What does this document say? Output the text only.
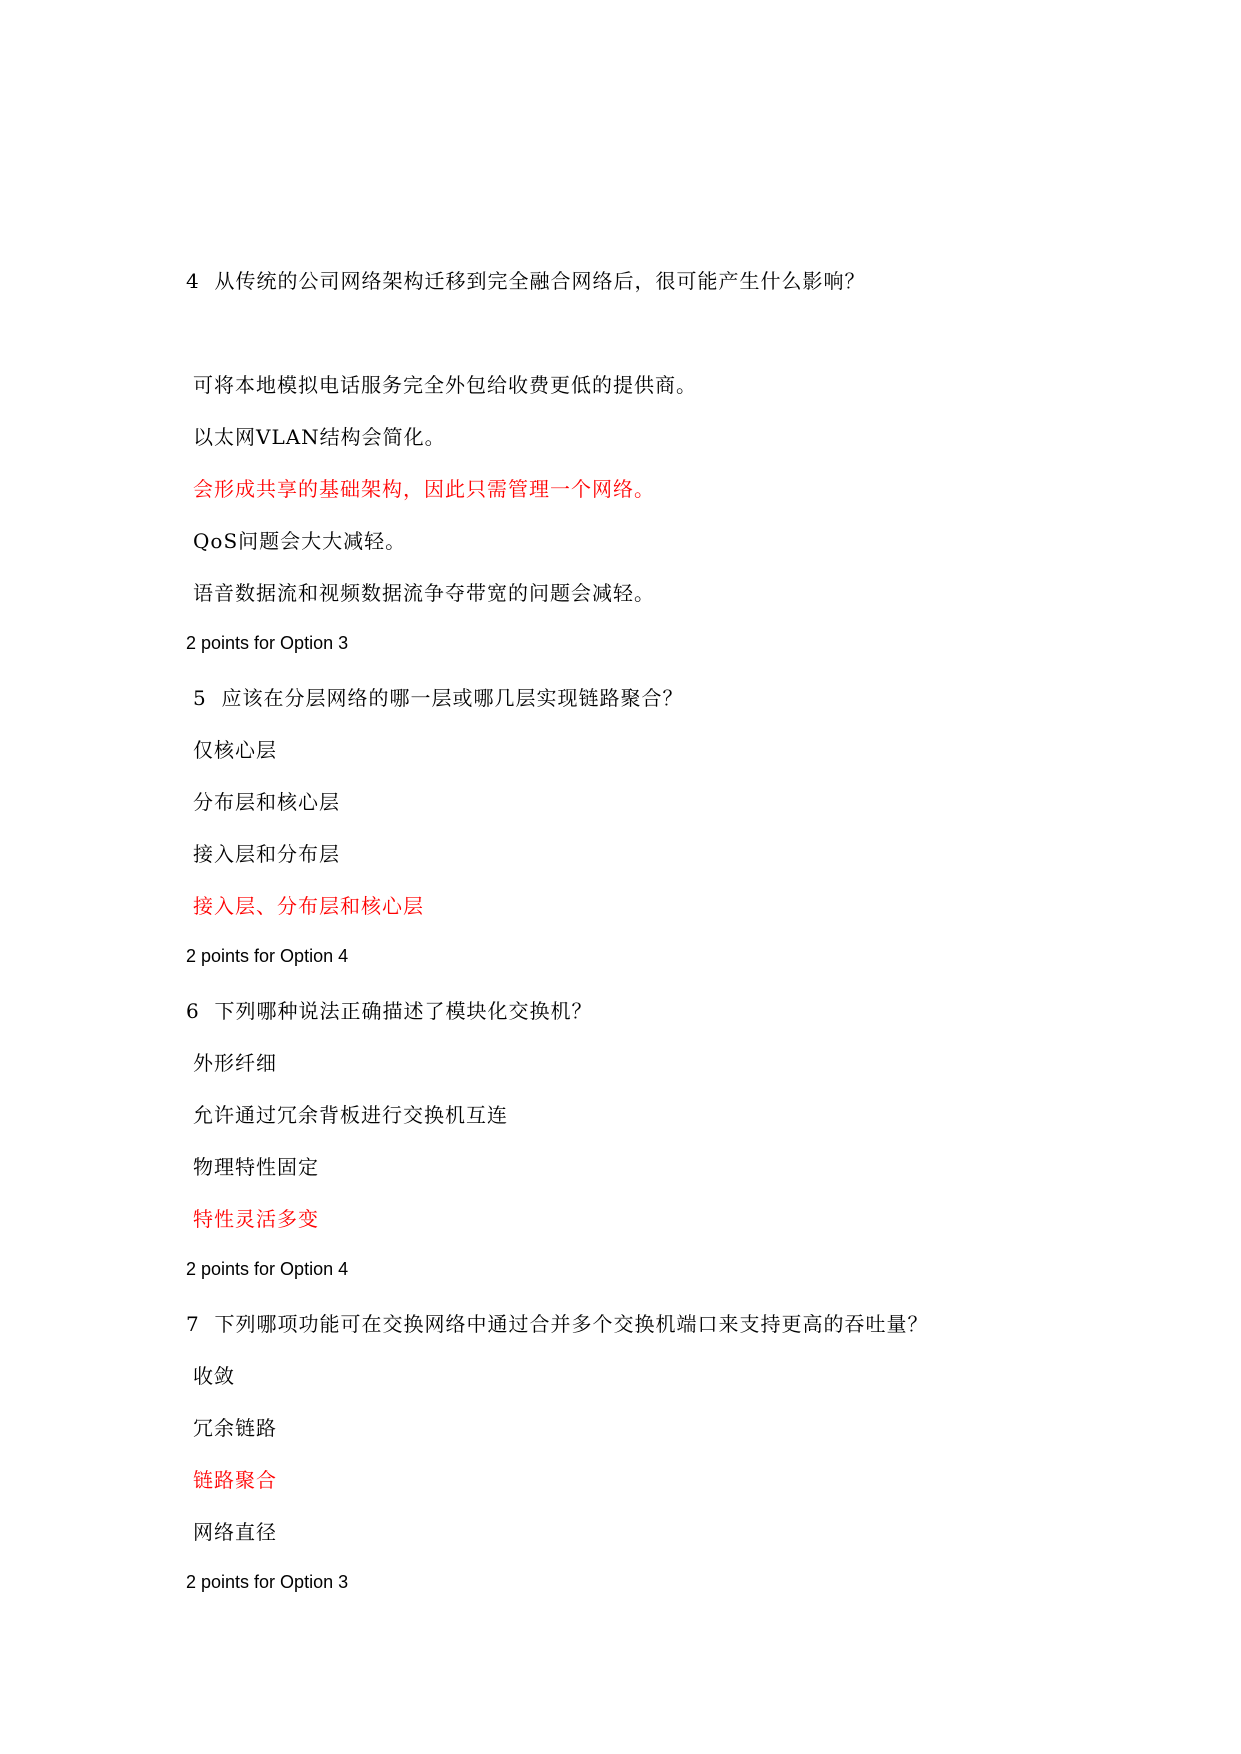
4 从传统的公司网络架构迁移到完全融合网络后，很可能产生什么影响？
可将本地模拟电话服务完全外包给收费更低的提供商。
以太网VLAN结构会简化。
会形成共享的基础架构，因此只需管理一个网络。
QoS问题会大大减轻。
语音数据流和视频数据流争夺带宽的问题会减轻。
2 points for Option 3
5 应该在分层网络的哪一层或哪几层实现链路聚合？
仅核心层
分布层和核心层
接入层和分布层
接入层、分布层和核心层
2 points for Option 4
6 下列哪种说法正确描述了模块化交换机？
外形纤细
允许通过冗余背板进行交换机互连
物理特性固定
特性灵活多变
2 points for Option 4
7 下列哪项功能可在交换网络中通过合并多个交换机端口来支持更高的吞吐量？
收敛
冗余链路
链路聚合
网络直径
2 points for Option 3
